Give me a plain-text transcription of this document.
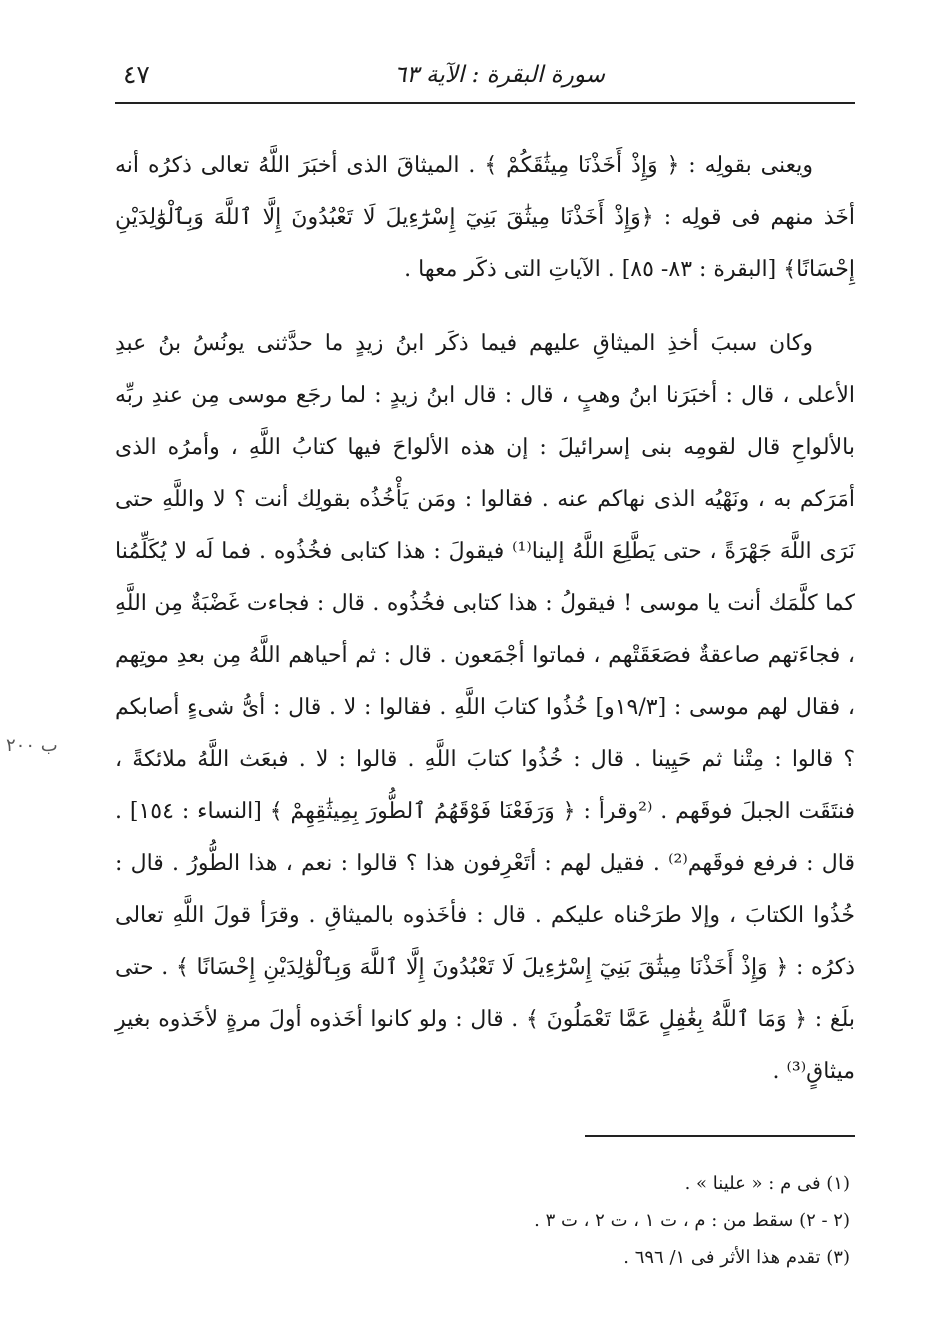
سورة البقرة : الآية ٦٣
٤٧

ويعنى بقولِه : ﴿ وَإِذْ أَخَذْنَا مِيثَٰقَكُمْ ﴾ . الميثاقَ الذى أخبَرَ اللَّهُ تعالى ذكرُه أنه أخَذ منهم فى قولِه : ﴿وَإِذْ أَخَذْنَا مِيثَٰقَ بَنِيٓ إِسْرَٰٓءِيلَ لَا تَعْبُدُونَ إِلَّا ٱللَّهَ وَبِٱلْوَٰلِدَيْنِ إِحْسَانًا﴾ [البقرة : ٨٣- ٨٥] . الآياتِ التى ذكَر معها .

وكان سببَ أخذِ الميثاقِ عليهم فيما ذكَر ابنُ زيدٍ ما حدَّثنى يونُسُ بنُ عبدِ الأعلى ، قال : أخبَرَنا ابنُ وهبٍ ، قال : قال ابنُ زيدٍ : لما رجَع موسى مِن عندِ ربِّه بالألواحِ قال لقومِه بنى إسرائيلَ : إن هذه الألواحَ فيها كتابُ اللَّهِ ، وأمرُه الذى أمَرَكم به ، ونَهْيُه الذى نهاكم عنه . فقالوا : ومَن يَأْخُذُه بقولِك أنت ؟ لا واللَّهِ حتى نَرَى اللَّهَ جَهْرَةً ، حتى يَطَّلِعَ اللَّهُ إلينا⁽¹⁾ فيقولَ : هذا كتابى فخُذُوه . فما لَه لا يُكَلِّمُنا كما كلَّمَك أنت يا موسى ! فيقولُ : هذا كتابى فخُذُوه . قال : فجاءت غَضْبَةٌ مِن اللَّهِ ، فجاءَتهم صاعقةٌ فصَعَقَتْهم ، فماتوا أجْمَعون . قال : ثم أحياهم اللَّهُ مِن بعدِ موتِهم ، فقال لهم موسى : [١٩/٣و] خُذُوا كتابَ اللَّهِ . فقالوا : لا . قال : أىُّ شىءٍ أصابكم ؟ قالوا : مِتْنا ثم حَيِينا . قال : خُذُوا كتابَ اللَّهِ . قالوا : لا . فبعَث اللَّهُ ملائكةً ، فنتَقَت الجبلَ فوقَهم . ⁽²وقرأ : ﴿ وَرَفَعْنَا فَوْقَهُمُ ٱلطُّورَ بِمِيثَٰقِهِمْ ﴾ [النساء : ١٥٤] . قال : فرفع فوقَهم⁽²⁾ . فقيل لهم : أتَعْرِفون هذا ؟ قالوا : نعم ، هذا الطُّورُ . قال : خُذُوا الكتابَ ، وإلا طرَحْناه عليكم . قال : فأخَذوه بالميثاقِ . وقرَأ قولَ اللَّهِ تعالى ذكرُه : ﴿ وَإِذْ أَخَذْنَا مِيثَٰقَ بَنِيٓ إِسْرَٰٓءِيلَ لَا تَعْبُدُونَ إِلَّا ٱللَّهَ وَبِٱلْوَٰلِدَيْنِ إِحْسَانًا ﴾ . حتى بلَغ : ﴿ وَمَا ٱللَّهُ بِغَٰفِلٍ عَمَّا تَعْمَلُونَ ﴾ . قال : ولو كانوا أخَذوه أولَ مرةٍ لأخَذوه بغيرِ ميثاقٍ⁽³⁾ .

ب ٢٠٠
(١) فى م : « علينا » .
(٢ - ٢) سقط من : م ، ت ١ ، ت ٢ ، ت ٣ .
(٣) تقدم هذا الأثر فى ١/ ٦٩٦ .
